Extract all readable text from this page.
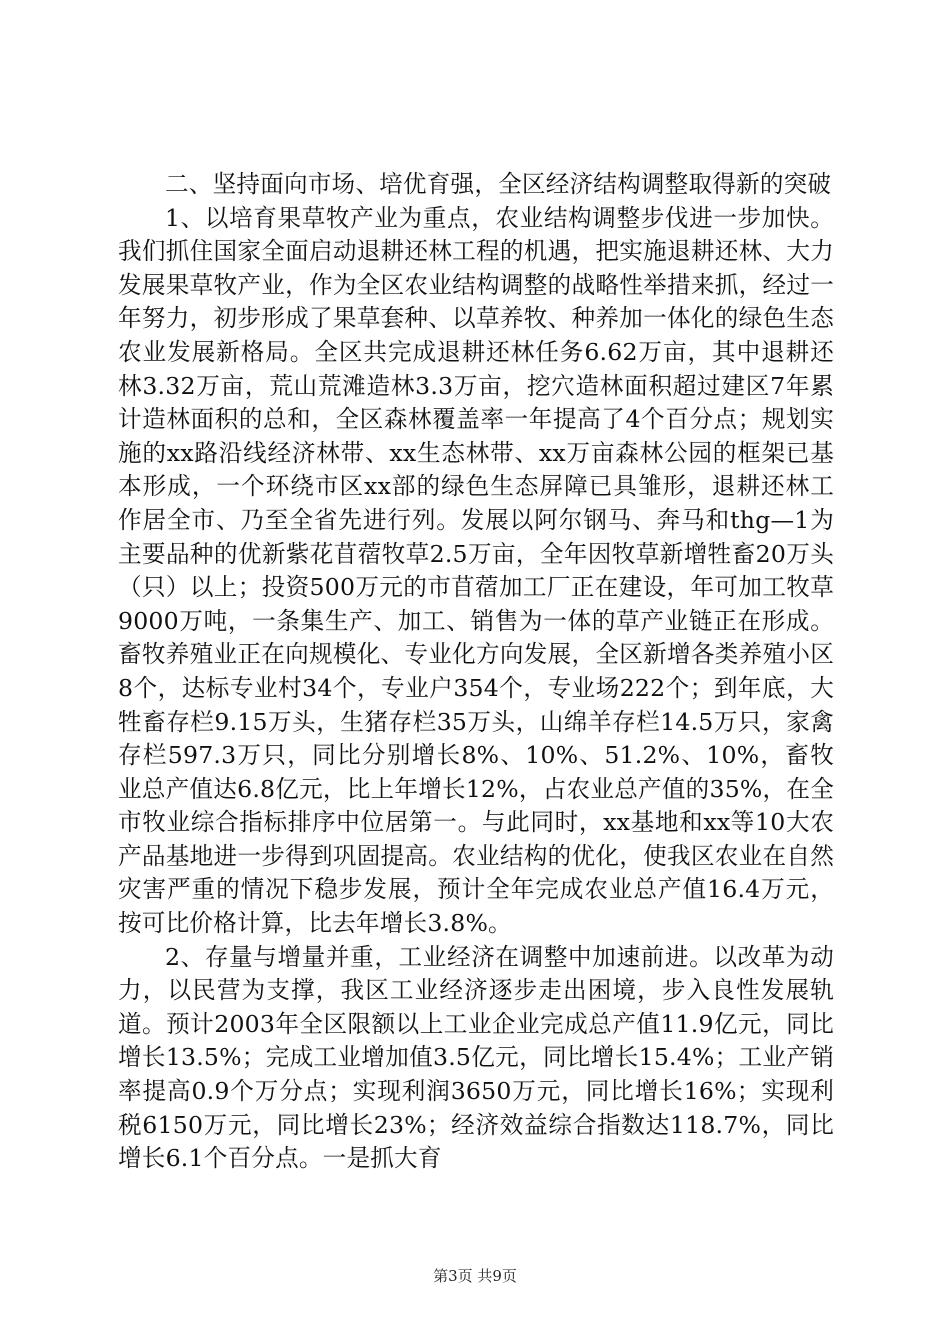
二、坚持面向市场、培优育强，全区经济结构调整取得新的突破

1、以培育果草牧产业为重点，农业结构调整步伐进一步加快。我们抓住国家全面启动退耕还林工程的机遇，把实施退耕还林、大力发展果草牧产业，作为全区农业结构调整的战略性举措来抓，经过一年努力，初步形成了果草套种、以草养牧、种养加一体化的绿色生态农业发展新格局。全区共完成退耕还林任务6.62万亩，其中退耕还林3.32万亩，荒山荒滩造林3.3万亩，挖穴造林面积超过建区7年累计造林面积的总和，全区森林覆盖率一年提高了4个百分点；规划实施的xx路沿线经济林带、xx生态林带、xx万亩森林公园的框架已基本形成，一个环绕市区xx部的绿色生态屏障已具雏形，退耕还林工作居全市、乃至全省先进行列。发展以阿尔钢马、奔马和thg—1为主要品种的优新紫花苜蓿牧草2.5万亩，全年因牧草新增牲畜20万头（只）以上；投资500万元的市苜蓿加工厂正在建设，年可加工牧草9000万吨，一条集生产、加工、销售为一体的草产业链正在形成。畜牧养殖业正在向规模化、专业化方向发展，全区新增各类养殖小区8个，达标专业村34个，专业户354个，专业场222个；到年底，大牲畜存栏9.15万头，生猪存栏35万头，山绵羊存栏14.5万只，家禽存栏597.3万只，同比分别增长8%、10%、51.2%、10%，畜牧业总产值达6.8亿元，比上年增长12%，占农业总产值的35%，在全市牧业综合指标排序中位居第一。与此同时，xx基地和xx等10大农产品基地进一步得到巩固提高。农业结构的优化，使我区农业在自然灾害严重的情况下稳步发展，预计全年完成农业总产值16.4万元，按可比价格计算，比去年增长3.8%。

2、存量与增量并重，工业经济在调整中加速前进。以改革为动力，以民营为支撑，我区工业经济逐步走出困境，步入良性发展轨道。预计2003年全区限额以上工业企业完成总产值11.9亿元，同比增长13.5%；完成工业增加值3.5亿元，同比增长15.4%；工业产销率提高0.9个万分点；实现利润3650万元，同比增长16%；实现利税6150万元，同比增长23%；经济效益综合指数达118.7%，同比增长6.1个百分点。一是抓大育

第3页 共9页
